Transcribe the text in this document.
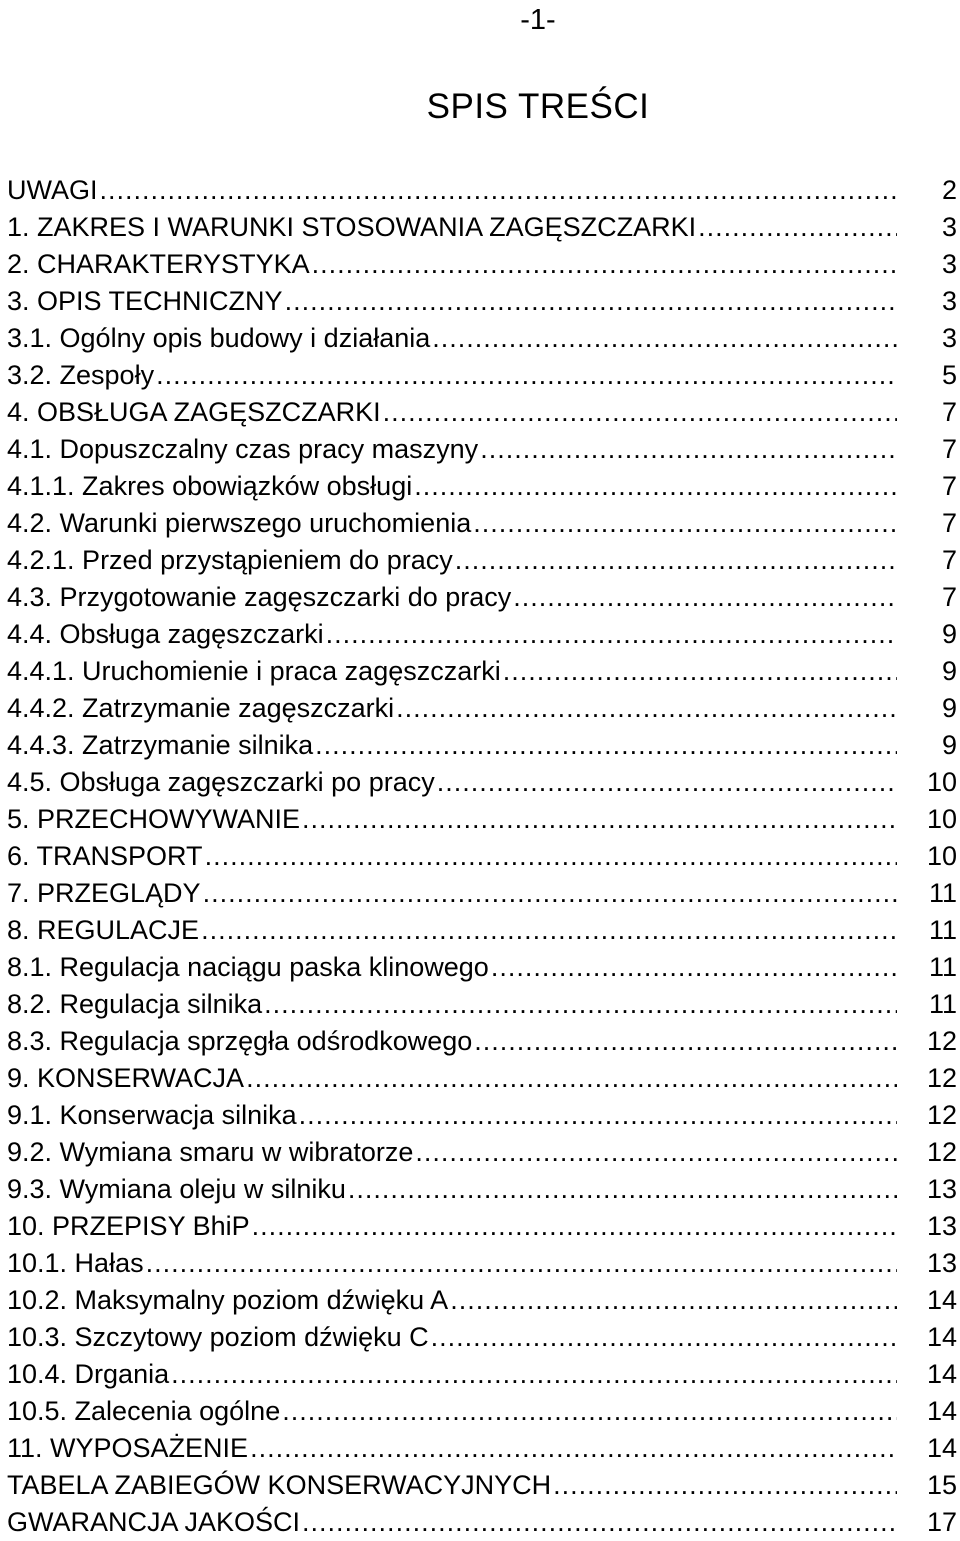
-1-
SPIS TREŚCI
UWAGI .....	2
1. ZAKRES I WARUNKI STOSOWANIA ZAGĘSZCZARKI .....	3
2. CHARAKTERYSTYKA .....	3
3. OPIS TECHNICZNY .....	3
3.1. Ogólny opis budowy i działania .....	3
3.2. Zespoły .....	5
4. OBSŁUGA ZAGĘSZCZARKI .....	7
4.1. Dopuszczalny czas pracy maszyny .....	7
4.1.1. Zakres obowiązków obsługi .....	7
4.2. Warunki pierwszego uruchomienia .....	7
4.2.1. Przed przystąpieniem do pracy .....	7
4.3. Przygotowanie zagęszczarki do pracy .....	7
4.4. Obsługa zagęszczarki .....	9
4.4.1. Uruchomienie i praca zagęszczarki .....	9
4.4.2. Zatrzymanie zagęszczarki .....	9
4.4.3. Zatrzymanie silnika .....	9
4.5. Obsługa zagęszczarki po pracy .....	10
5. PRZECHOWYWANIE .....	10
6. TRANSPORT .....	10
7. PRZEGLĄDY .....	11
8. REGULACJE .....	11
8.1. Regulacja naciągu paska klinowego .....	11
8.2. Regulacja silnika .....	11
8.3. Regulacja sprzęgła odśrodkowego .....	12
9. KONSERWACJA .....	12
9.1. Konserwacja silnika .....	12
9.2. Wymiana smaru w wibratorze .....	12
9.3. Wymiana oleju w silniku .....	13
10. PRZEPISY BhiP .....	13
10.1. Hałas .....	13
10.2. Maksymalny poziom dźwięku A .....	14
10.3. Szczytowy poziom dźwięku C .....	14
10.4. Drgania .....	14
10.5. Zalecenia ogólne .....	14
11. WYPOSAŻENIE .....	14
TABELA ZABIEGÓW KONSERWACYJNYCH .....	15
GWARANCJA JAKOŚCI .....	17
